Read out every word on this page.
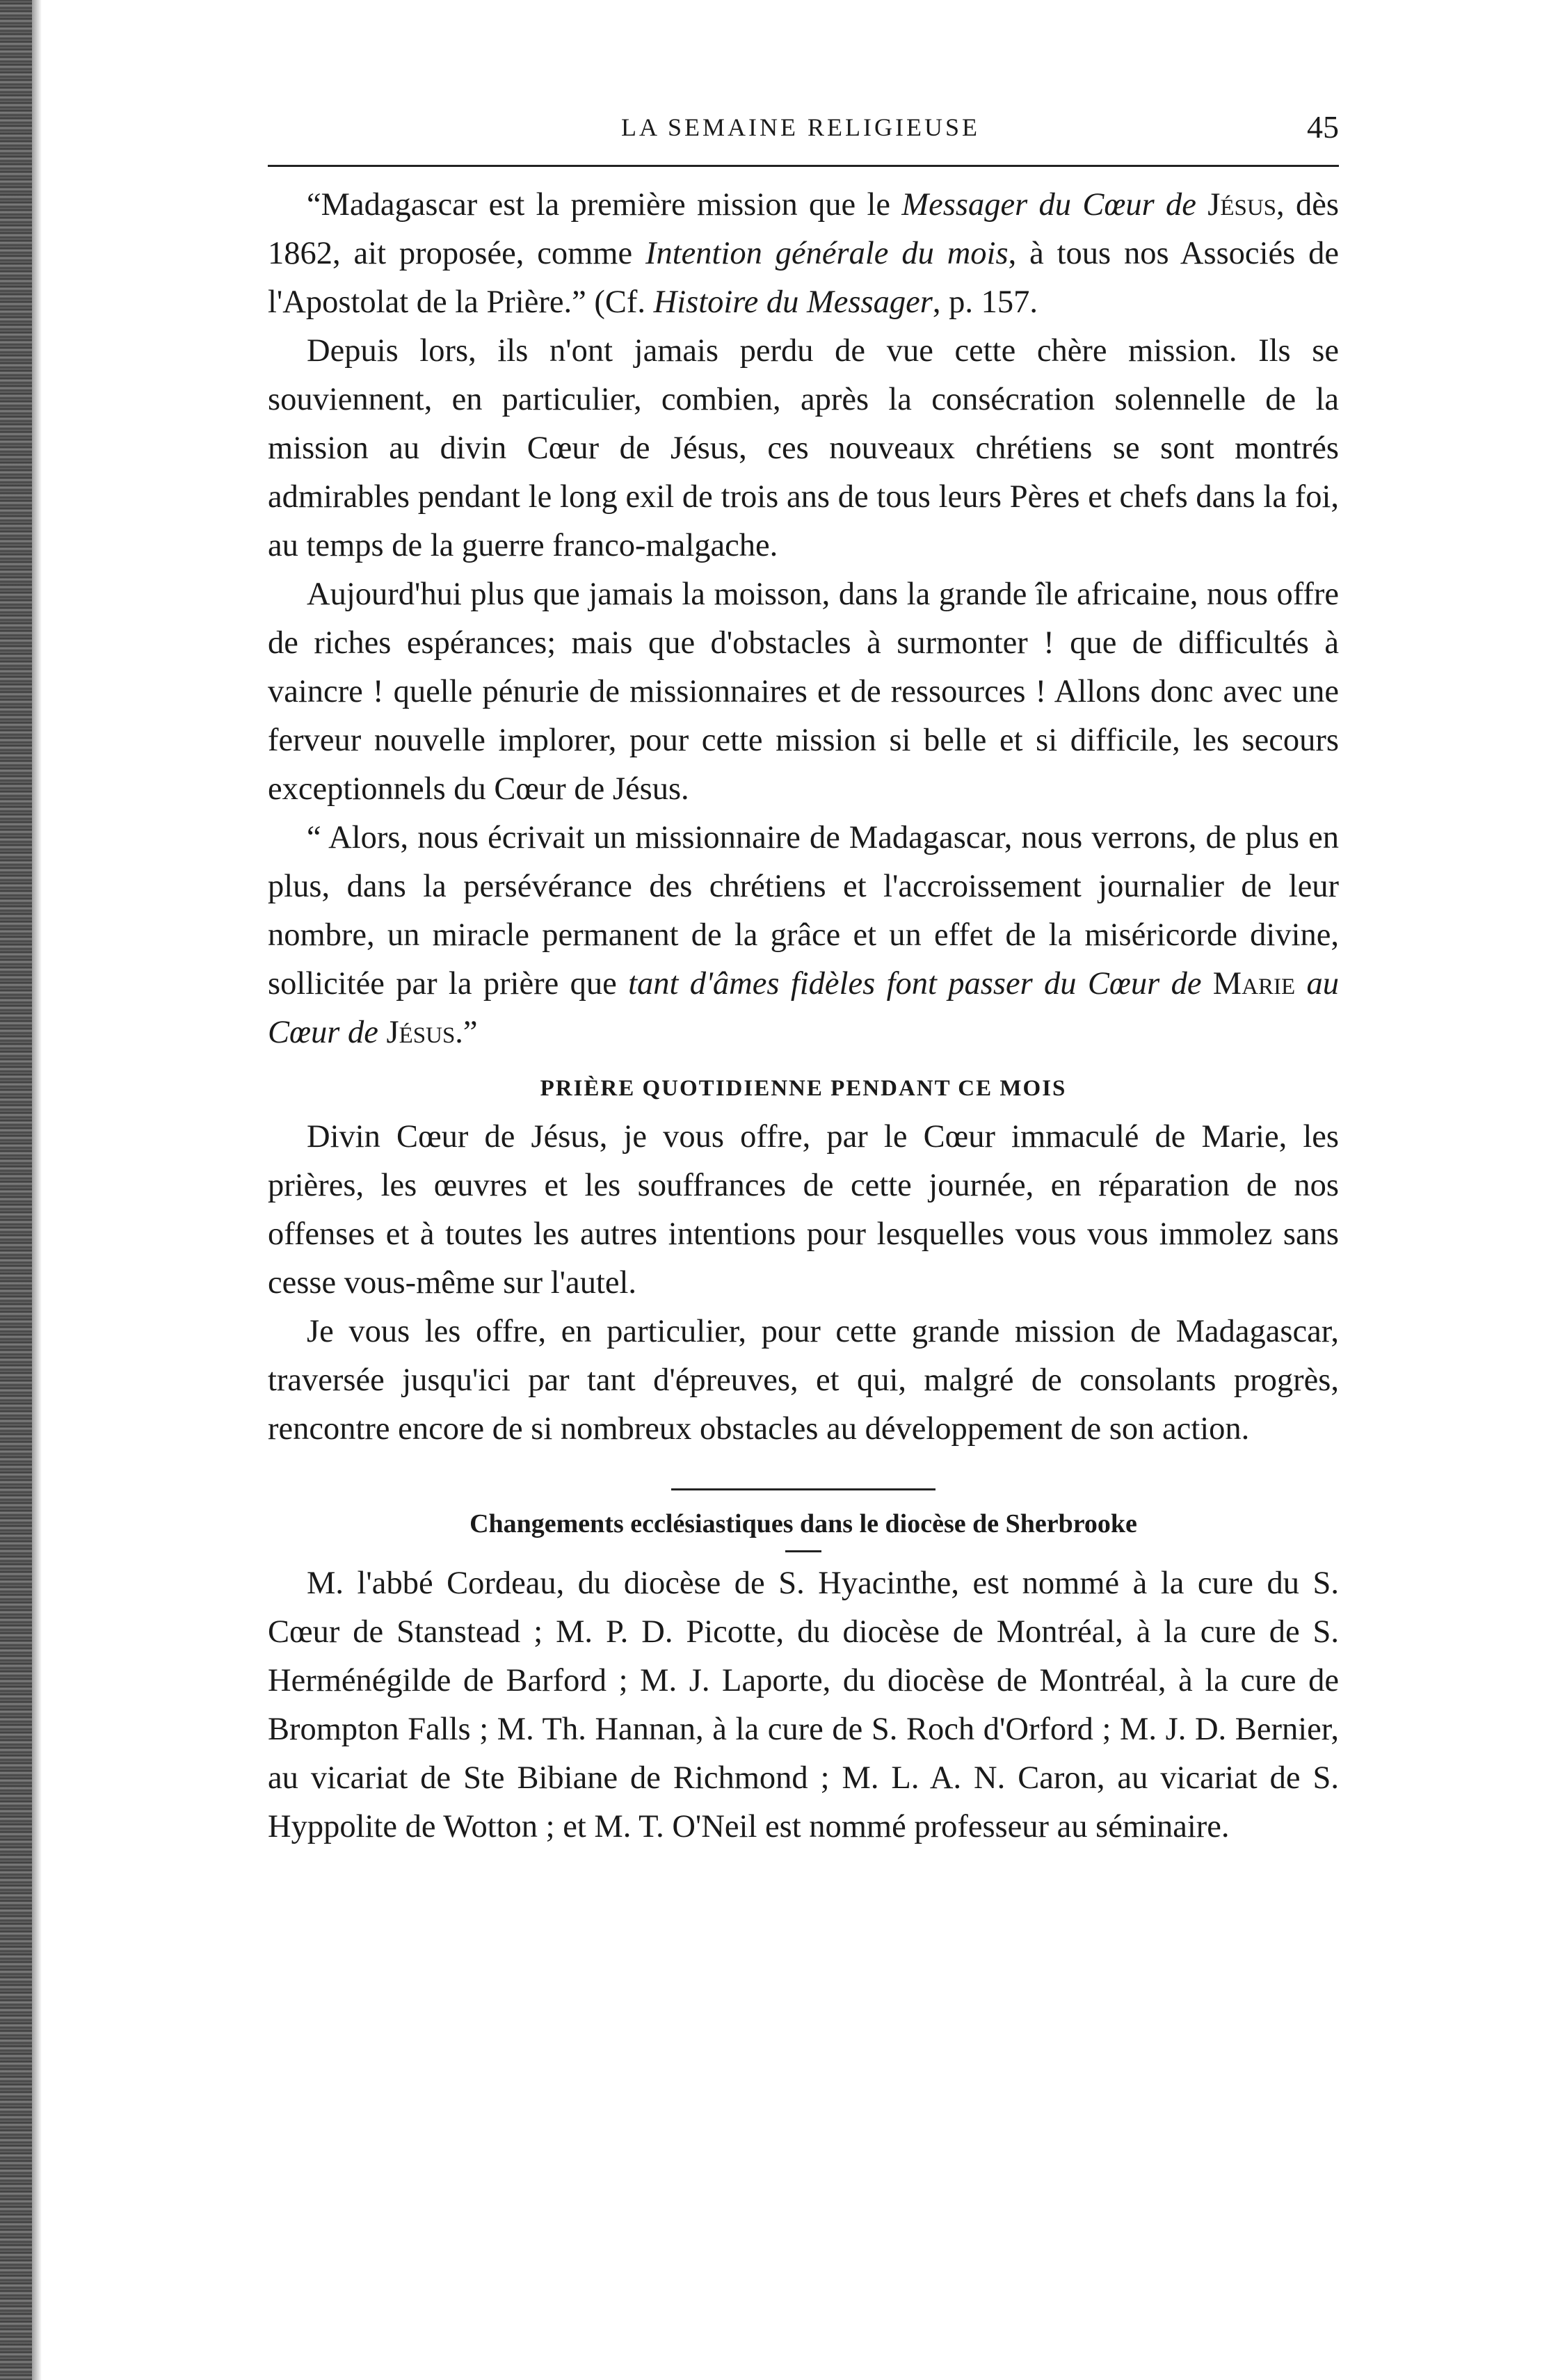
LA SEMAINE RELIGIEUSE	45

“Madagascar est la première mission que le Messager du Cœur de Jésus, dès 1862, ait proposée, comme Intention générale du mois, à tous nos Associés de l'Apostolat de la Prière.” (Cf. Histoire du Messager, p. 157.

Depuis lors, ils n'ont jamais perdu de vue cette chère mission. Ils se souviennent, en particulier, combien, après la consécration solennelle de la mission au divin Cœur de Jésus, ces nouveaux chrétiens se sont montrés admirables pendant le long exil de trois ans de tous leurs Pères et chefs dans la foi, au temps de la guerre franco-malgache.

Aujourd'hui plus que jamais la moisson, dans la grande île africaine, nous offre de riches espérances; mais que d'obstacles à surmonter ! que de difficultés à vaincre ! quelle pénurie de missionnaires et de ressources ! Allons donc avec une ferveur nouvelle implorer, pour cette mission si belle et si difficile, les secours exceptionnels du Cœur de Jésus.

“ Alors, nous écrivait un missionnaire de Madagascar, nous verrons, de plus en plus, dans la persévérance des chrétiens et l'accroissement journalier de leur nombre, un miracle permanent de la grâce et un effet de la miséricorde divine, sollicitée par la prière que tant d'âmes fidèles font passer du Cœur de Marie au Cœur de Jésus.”

PRIÈRE QUOTIDIENNE PENDANT CE MOIS

Divin Cœur de Jésus, je vous offre, par le Cœur immaculé de Marie, les prières, les œuvres et les souffrances de cette journée, en réparation de nos offenses et à toutes les autres intentions pour lesquelles vous vous immolez sans cesse vous-même sur l'autel.

Je vous les offre, en particulier, pour cette grande mission de Madagascar, traversée jusqu'ici par tant d'épreuves, et qui, malgré de consolants progrès, rencontre encore de si nombreux obstacles au développement de son action.

Changements ecclésiastiques dans le diocèse de Sherbrooke

M. l'abbé Cordeau, du diocèse de S. Hyacinthe, est nommé à la cure du S. Cœur de Stanstead ; M. P. D. Picotte, du diocèse de Montréal, à la cure de S. Herménégilde de Barford ; M. J. Laporte, du diocèse de Montréal, à la cure de Brompton Falls ; M. Th. Hannan, à la cure de S. Roch d'Orford ; M. J. D. Bernier, au vicariat de Ste Bibiane de Richmond ; M. L. A. N. Caron, au vicariat de S. Hyppolite de Wotton ; et M. T. O'Neil est nommé professeur au séminaire.
